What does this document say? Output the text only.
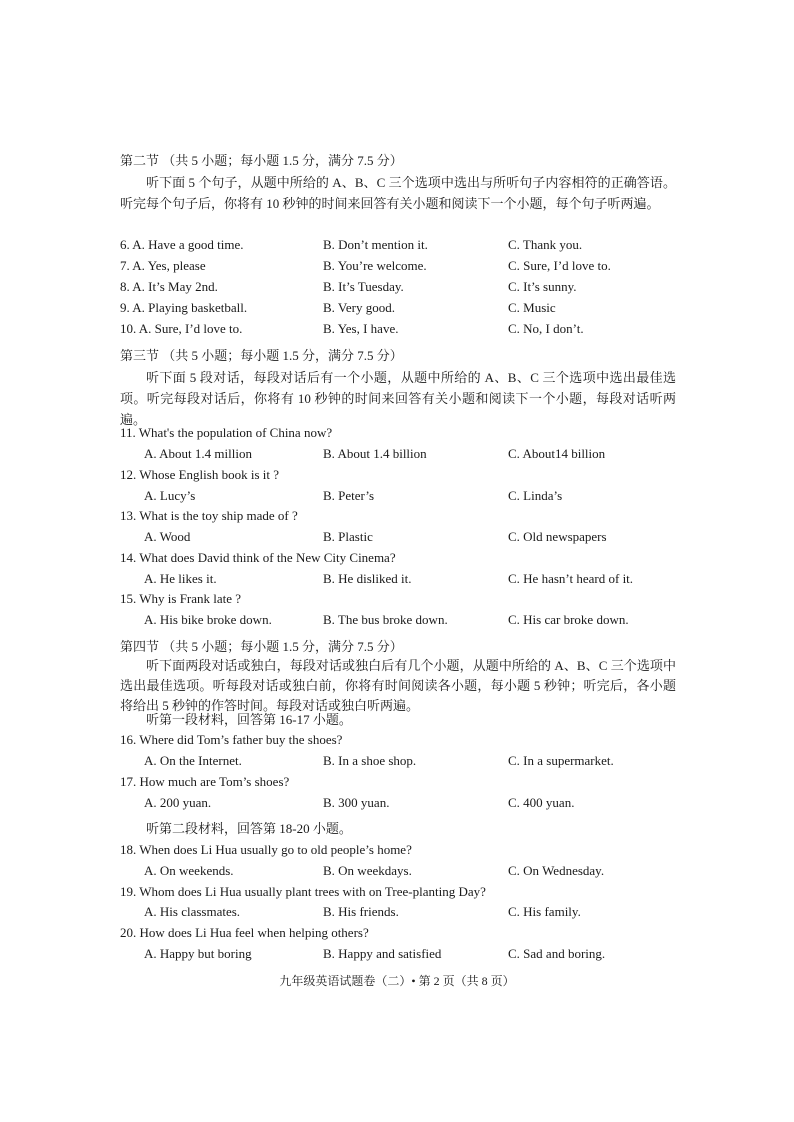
第二节 （共 5 小题；每小题 1.5 分，满分 7.5 分）
听下面 5 个句子，从题中所给的 A、B、C 三个选项中选出与所听句子内容相符的正确答语。听完每个句子后，你将有 10 秒钟的时间来回答有关小题和阅读下一个小题，每个句子听两遍。
6. A. Have a good time.	B. Don’t mention it.	C. Thank you.
7. A. Yes, please	B. You’re welcome.	C. Sure, I’d love to.
8. A. It’s May 2nd.	B. It’s Tuesday.	C. It’s sunny.
9. A. Playing basketball.	B. Very good.	C. Music
10. A. Sure, I’d love to.	B. Yes, I have.	C. No, I don’t.
第三节 （共 5 小题；每小题 1.5 分，满分 7.5 分）
听下面 5 段对话，每段对话后有一个小题，从题中所给的 A、B、C 三个选项中选出最佳选项。听完每段对话后，你将有 10 秒钟的时间来回答有关小题和阅读下一个小题，每段对话听两遍。
11. What's the population of China now?
A. About 1.4 million	B. About 1.4 billion	C. About14 billion
12. Whose English book is it ?
A. Lucy’s	B. Peter’s	C. Linda’s
13. What is the toy ship made of ?
A. Wood	B. Plastic	C. Old newspapers
14. What does David think of the New City Cinema?
A. He likes it.	B. He disliked it.	C. He hasn’t heard of it.
15. Why is Frank late ?
A. His bike broke down.	B. The bus broke down.	C. His car broke down.
第四节 （共 5 小题；每小题 1.5 分，满分 7.5 分）
听下面两段对话或独白，每段对话或独白后有几个小题，从题中所给的 A、B、C 三个选项中选出最佳选项。听每段对话或独白前，你将有时间阅读各小题，每小题 5 秒钟；听完后，各小题将给出 5 秒钟的作答时间。每段对话或独白听两遍。
听第一段材料，回答第 16-17 小题。
16. Where did Tom’s father buy the shoes?
A. On the Internet.	B. In a shoe shop.	C. In a supermarket.
17. How much are Tom’s shoes?
A. 200 yuan.	B. 300 yuan.	C. 400 yuan.
听第二段材料，回答第 18-20 小题。
18. When does Li Hua usually go to old people’s home?
A. On weekends.	B. On weekdays.	C. On Wednesday.
19. Whom does Li Hua usually plant trees with on Tree-planting Day?
A. His classmates.	B. His friends.	C. His family.
20. How does Li Hua feel when helping others?
A. Happy but boring	B. Happy and satisfied	C. Sad and boring.
九年级英语试题卷（二）• 第 2 页（共 8 页）
